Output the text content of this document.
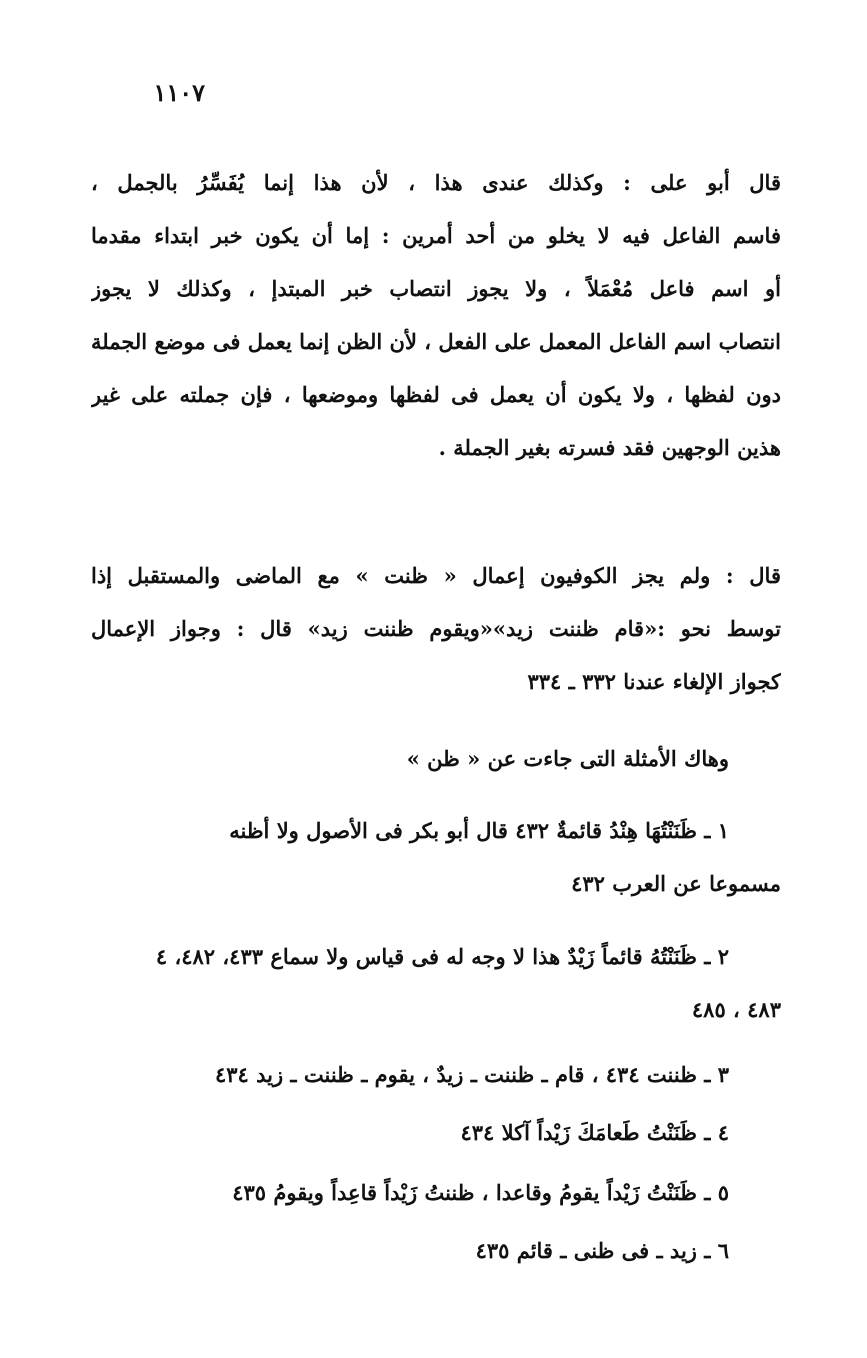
١١٠٧
قال أبو على : وكذلك عندى هذا ، لأن هذا إنما يُفَسِّرُ بالجمل ،
فاسم الفاعل فيه لا يخلو من أحد أمرين : إما أن يكون خبر ابتداء مقدما
أو اسم فاعل مُعْمَلاً ، ولا يجوز انتصاب خبر المبتدإ ، وكذلك لا يجوز
انتصاب اسم الفاعل المعمل على الفعل ، لأن الظن إنما يعمل فى موضع الجملة
دون لفظها ، ولا يكون أن يعمل فى لفظها وموضعها ، فإن جملته على غير
هذين الوجهين فقد فسرته بغير الجملة .
قال : ولم يجز الكوفيون إعمال « ظنت » مع الماضى والمستقبل إذا
توسط نحو :«قام ظننت زيد»«ويقوم ظننت زيد» قال : وجواز الإعمال
كجواز الإلغاء عندنا ٣٣٢ ـ ٣٣٤
وهاك الأمثلة التى جاءت عن « ظن »
١ ـ ظَنَنْتُهَا هِنْدُ قائمةٌ ٤٣٢ قال أبو بكر فى الأصول ولا أظنه
مسموعا عن العرب ٤٣٢
٢ ـ ظَنَنْتُهُ قائماً زَيْدٌ هذا لا وجه له فى قياس ولا سماع ٤٣٣، ٤٨٢، ٤
٤٨٣ ، ٤٨٥
٣ ـ ظننت ٤٣٤ ، قام ـ ظننت ـ زيدٌ ، يقوم ـ ظننت ـ زيد ٤٣٤
٤ ـ ظَنَنْتُ طَعامَكَ زَيْداً آكلا ٤٣٤
٥ ـ ظَنَنْتُ زَيْداً يقومُ وقاعدا ، ظننتُ زَيْداً قاعِداً ويقومُ ٤٣٥
٦ ـ زيد ـ فى ظنى ـ قائم ٤٣٥
